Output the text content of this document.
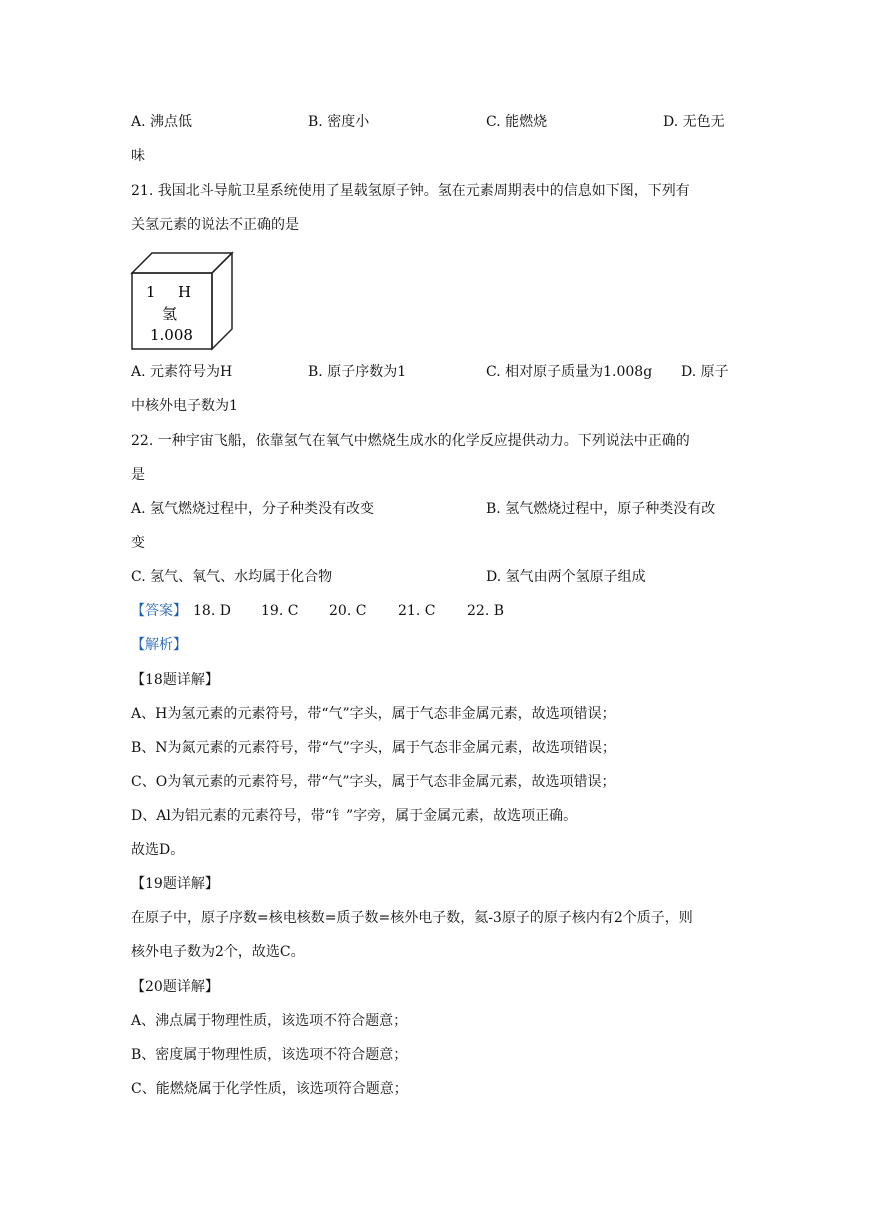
A. 沸点低	B. 密度小	C. 能燃烧	D. 无色无
味
21. 我国北斗导航卫星系统使用了星载氢原子钟。氢在元素周期表中的信息如下图，下列有
关氢元素的说法不正确的是
1 H
氢
1.008
A. 元素符号为H	B. 原子序数为1	C. 相对原子质量为1.008g D. 原子
中核外电子数为1
22. 一种宇宙飞船，依靠氢气在氧气中燃烧生成水的化学反应提供动力。下列说法中正确的
是
A. 氢气燃烧过程中，分子种类没有改变	B. 氢气燃烧过程中，原子种类没有改
变
C. 氢气、氧气、水均属于化合物	D. 氢气由两个氢原子组成
【答案】 18. D 19. C 20. C 21. C 22. B
【解析】
【18题详解】
A、H为氢元素的元素符号，带“气”字头，属于气态非金属元素，故选项错误；
B、N为氮元素的元素符号，带“气”字头，属于气态非金属元素，故选项错误；
C、O为氧元素的元素符号，带“气”字头，属于气态非金属元素，故选项错误；
D、Al为铝元素的元素符号，带“钅”字旁，属于金属元素，故选项正确。
故选D。
【19题详解】
在原子中，原子序数=核电核数=质子数=核外电子数，氦-3原子的原子核内有2个质子，则
核外电子数为2个，故选C。
【20题详解】
A、沸点属于物理性质，该选项不符合题意；
B、密度属于物理性质，该选项不符合题意；
C、能燃烧属于化学性质，该选项符合题意；
